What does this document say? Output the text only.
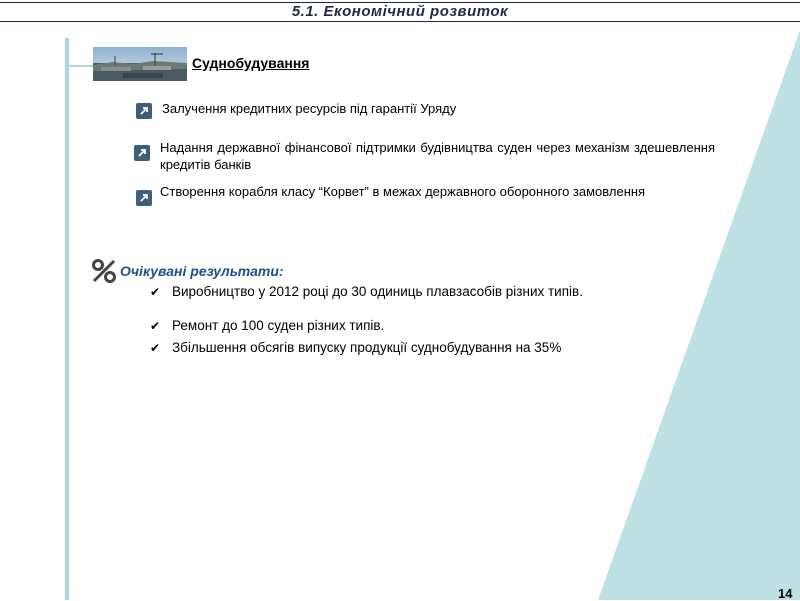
5.1. Економічний розвиток
Суднобудування
Залучення кредитних ресурсів під гарантії Уряду
Надання державної фінансової підтримки будівництва суден через механізм здешевлення кредитів банків
Створення корабля класу “Корвет” в межах державного оборонного замовлення
Очікувані результати:
✔ Виробництво у 2012 році до 30 одиниць плавзасобів різних типів.
✔ Ремонт до 100 суден різних типів.
✔ Збільшення обсягів випуску продукції суднобудування на 35%
14
